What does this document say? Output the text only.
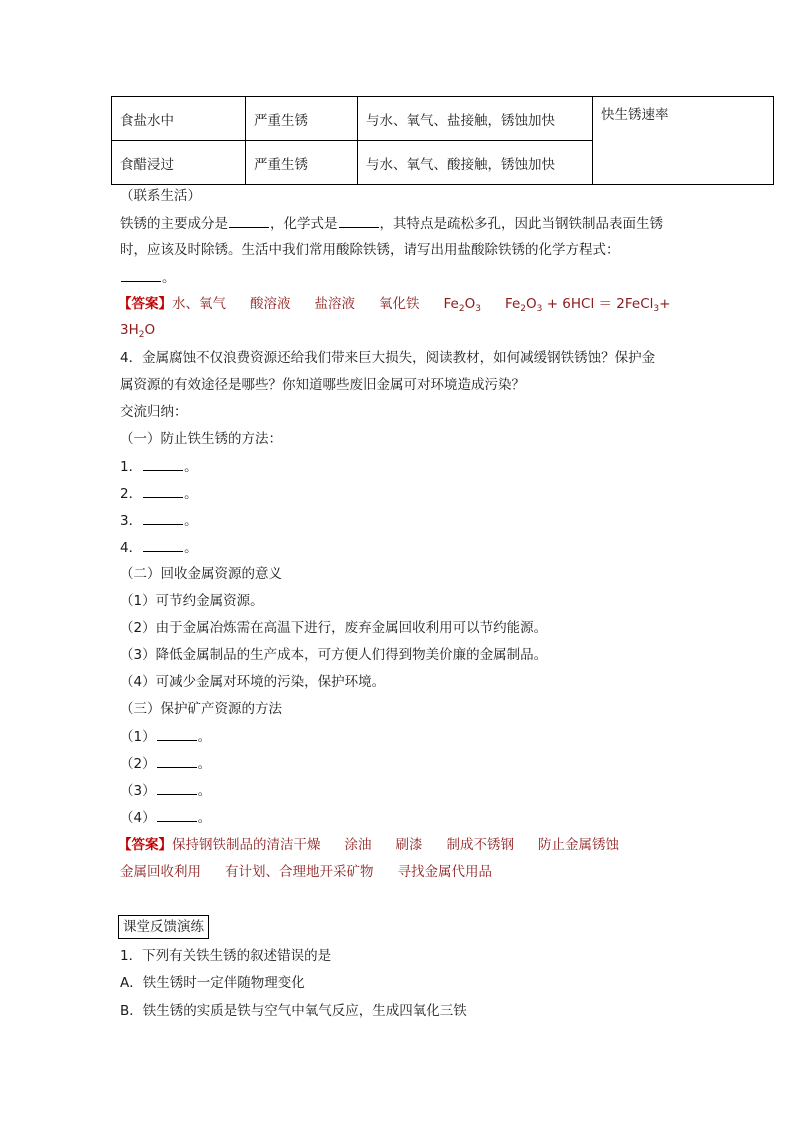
食盐水中	严重生锈	与水、氧气、盐接触，锈蚀加快	快生锈速率
食醋浸过	严重生锈	与水、氧气、酸接触，锈蚀加快	
（联系生活）
铁锈的主要成分是	，化学式是	，其特点是疏松多孔，因此当钢铁制品表面生锈
时，应该及时除锈。生活中我们常用酸除铁锈，请写出用盐酸除铁锈的化学方程式：
。
【答案】水、氧气 酸溶液 盐溶液 氧化铁 $Fe_2O_3$ $Fe_2O_3 + 6HCl$ ＝ 2FeCl$_3$+
$3H_2O$
4．金属腐蚀不仅浪费资源还给我们带来巨大损失，阅读教材，如何减缓钢铁锈蚀？保护金
属资源的有效途径是哪些？你知道哪些废旧金属可对环境造成污染？
交流归纳：
（一）防止铁生锈的方法：
1．	。
2．	。
3．	。
4．	。
（二）回收金属资源的意义
（1）可节约金属资源。
（2）由于金属冶炼需在高温下进行，废弃金属回收利用可以节约能源。
（3）降低金属制品的生产成本，可方便人们得到物美价廉的金属制品。
（4）可减少金属对环境的污染，保护环境。
（三）保护矿产资源的方法
（1）	。
（2）	。
（3）	。
（4）	。
【答案】保持钢铁制品的清洁干燥 涂油 刷漆 制成不锈钢 防止金属锈蚀
金属回收利用 有计划、合理地开采矿物 寻找金属代用品
课堂反馈演练
1．下列有关铁生锈的叙述错误的是
A．铁生锈时一定伴随物理变化
B．铁生锈的实质是铁与空气中氧气反应，生成四氧化三铁
